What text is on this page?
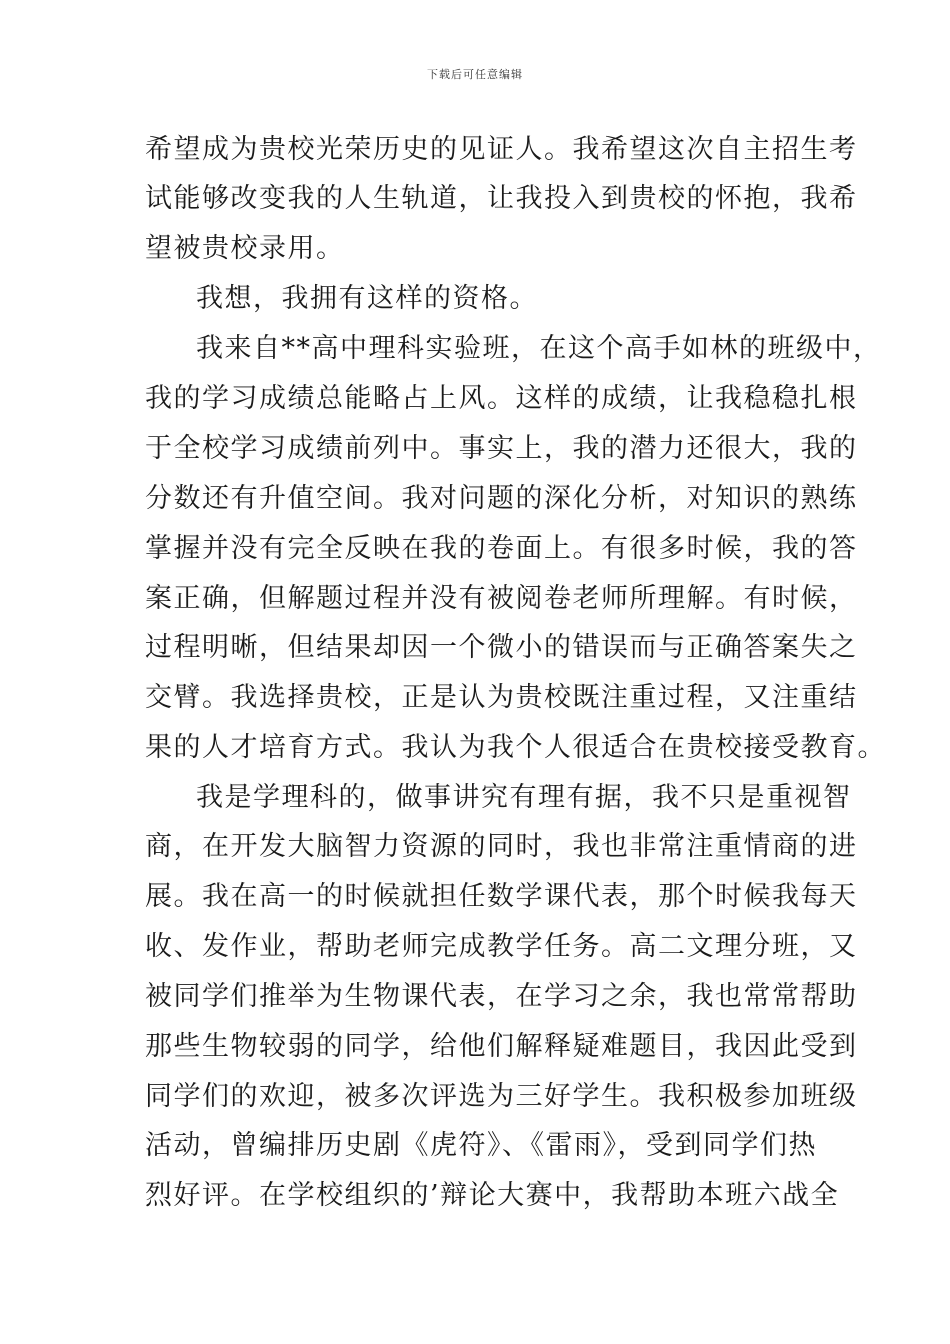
下载后可任意编辑
希望成为贵校光荣历史的见证人。我希望这次自主招生考
试能够改变我的人生轨道，让我投入到贵校的怀抱，我希
望被贵校录用。
我想，我拥有这样的资格。
我来自**高中理科实验班，在这个高手如林的班级中，
我的学习成绩总能略占上风。这样的成绩，让我稳稳扎根
于全校学习成绩前列中。事实上，我的潜力还很大，我的
分数还有升值空间。我对问题的深化分析，对知识的熟练
掌握并没有完全反映在我的卷面上。有很多时候，我的答
案正确，但解题过程并没有被阅卷老师所理解。有时候，
过程明晰，但结果却因一个微小的错误而与正确答案失之
交臂。我选择贵校，正是认为贵校既注重过程，又注重结
果的人才培育方式。我认为我个人很适合在贵校接受教育。
我是学理科的，做事讲究有理有据，我不只是重视智
商，在开发大脑智力资源的同时，我也非常注重情商的进
展。我在高一的时候就担任数学课代表，那个时候我每天
收、发作业，帮助老师完成教学任务。高二文理分班，又
被同学们推举为生物课代表，在学习之余，我也常常帮助
那些生物较弱的同学，给他们解释疑难题目，我因此受到
同学们的欢迎，被多次评选为三好学生。我积极参加班级
活动，曾编排历史剧《虎符》、《雷雨》，受到同学们热
烈好评。在学校组织的’辩论大赛中，我帮助本班六战全
